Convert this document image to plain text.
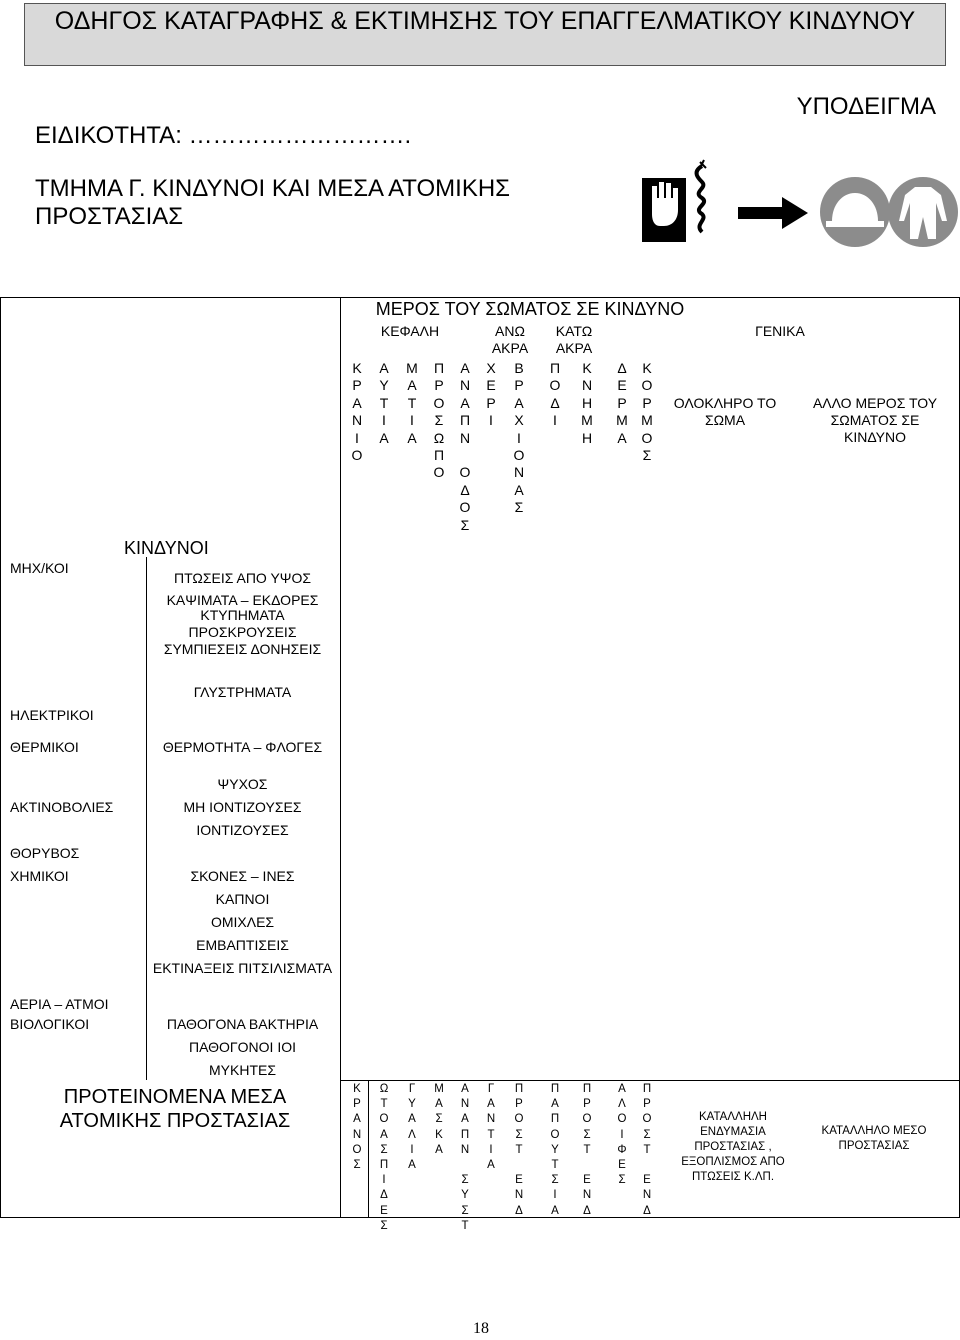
ΟΔΗΓΟΣ ΚΑΤΑΓΡΑΦΗΣ & ΕΚΤΙΜΗΣΗΣ ΤΟΥ ΕΠΑΓΓΕΛΜΑΤΙΚΟΥ ΚΙΝΔΥΝΟΥ
ΥΠΟΔΕΙΓΜΑ
ΕΙΔΙΚΟΤΗΤΑ: ……………………….
ΤΜΗΜΑ Γ. ΚΙΝΔΥΝΟΙ ΚΑΙ ΜΕΣΑ ΑΤΟΜΙΚΗΣ ΠΡΟΣΤΑΣΙΑΣ
ΜΕΡΟΣ ΤΟΥ ΣΩΜΑΤΟΣ ΣΕ ΚΙΝΔΥΝΟ
ΚΕΦΑΛΗ	ΑΝΩ ΑΚΡΑ
ΚΑΤΩ ΑΚΡΑ
ΓΕΝΙΚΑ
Κ
Ρ
Α
Ν
Ι
Ο
Α
Υ
Τ
Ι
Α
Μ
Α
Τ
Ι
Α
Π
Ρ
Ο
Σ
Ω
Π
Ο
Α
Ν
Α
Π
Ν

Ο
Δ
Ο
Σ
Χ
Ε
Ρ
Ι
Β
Ρ
Α
Χ
Ι
Ο
Ν
Α
Σ
Π
Ο
Δ
Ι
Κ
Ν
Η
Μ
Η
Δ
Ε
Ρ
Μ
Α
Κ
Ο
Ρ
Μ
Ο
Σ
ΟΛΟΚΛΗΡΟ ΤΟ ΣΩΜΑ
ΑΛΛΟ ΜΕΡΟΣ ΤΟΥ ΣΩΜΑΤΟΣ ΣΕ ΚΙΝΔΥΝΟ
ΚΙΝΔΥΝΟΙ
ΜΗΧ/ΚΟΙ
ΗΛΕΚΤΡΙΚΟΙ
ΘΕΡΜΙΚΟΙ
ΑΚΤΙΝΟΒΟΛΙΕΣ
ΘΟΡΥΒΟΣ
ΧΗΜΙΚΟΙ
ΑΕΡΙΑ – ΑΤΜΟΙ
ΒΙΟΛΟΓΙΚΟΙ
ΠΤΩΣΕΙΣ ΑΠΟ ΥΨΟΣ
ΚΑΨΙΜΑΤΑ – ΕΚΔΟΡΕΣ
ΚΤΥΠΗΜΑΤΑ ΠΡΟΣΚΡΟΥΣΕΙΣ ΣΥΜΠΙΕΣΕΙΣ ΔΟΝΗΣΕΙΣ
ΓΛΥΣΤΡΗΜΑΤΑ
ΘΕΡΜΟΤΗΤΑ – ΦΛΟΓΕΣ
ΨΥΧΟΣ
ΜΗ ΙΟΝΤΙΖΟΥΣΕΣ
ΙΟΝΤΙΖΟΥΣΕΣ
ΣΚΟΝΕΣ – ΙΝΕΣ
ΚΑΠΝΟΙ
ΟΜΙΧΛΕΣ
ΕΜΒΑΠΤΙΣΕΙΣ
ΕΚΤΙΝΑΞΕΙΣ ΠΙΤΣΙΛΙΣΜΑΤΑ
ΠΑΘΟΓΟΝΑ ΒΑΚΤΗΡΙΑ
ΠΑΘΟΓΟΝΟΙ ΙΟΙ
ΜΥΚΗΤΕΣ
ΠΡΟΤΕΙΝΟΜΕΝΑ ΜΕΣΑ ΑΤΟΜΙΚΗΣ ΠΡΟΣΤΑΣΙΑΣ
Κ
Ρ
Α
Ν
Ο
Σ
Ω
Τ
Ο
Α
Σ
Π
Ι
Δ
Ε
Σ
Γ
Υ
Α
Λ
Ι
Α
Μ
Α
Σ
Κ
Α
Α
Ν
Α
Π
Ν

Σ
Υ
Σ
Τ
Γ
Α
Ν
Τ
Ι
Α
Π
Ρ
Ο
Σ
Τ

Ε
Ν
Δ
Π
Α
Π
Ο
Υ
Τ
Σ
Ι
Α
Π
Ρ
Ο
Σ
Τ

Ε
Ν
Δ
Α
Λ
Ο
Ι
Φ
Ε
Σ
Π
Ρ
Ο
Σ
Τ

Ε
Ν
Δ
ΚΑΤΑΛΛΗΛΗ ΕΝΔΥΜΑΣΙΑ ΠΡΟΣΤΑΣΙΑΣ , ΕΞΟΠΛΙΣΜΟΣ ΑΠΟ ΠΤΩΣΕΙΣ Κ.ΛΠ.
ΚΑΤΑΛΛΗΛΟ ΜΕΣΟ ΠΡΟΣΤΑΣΙΑΣ
18
